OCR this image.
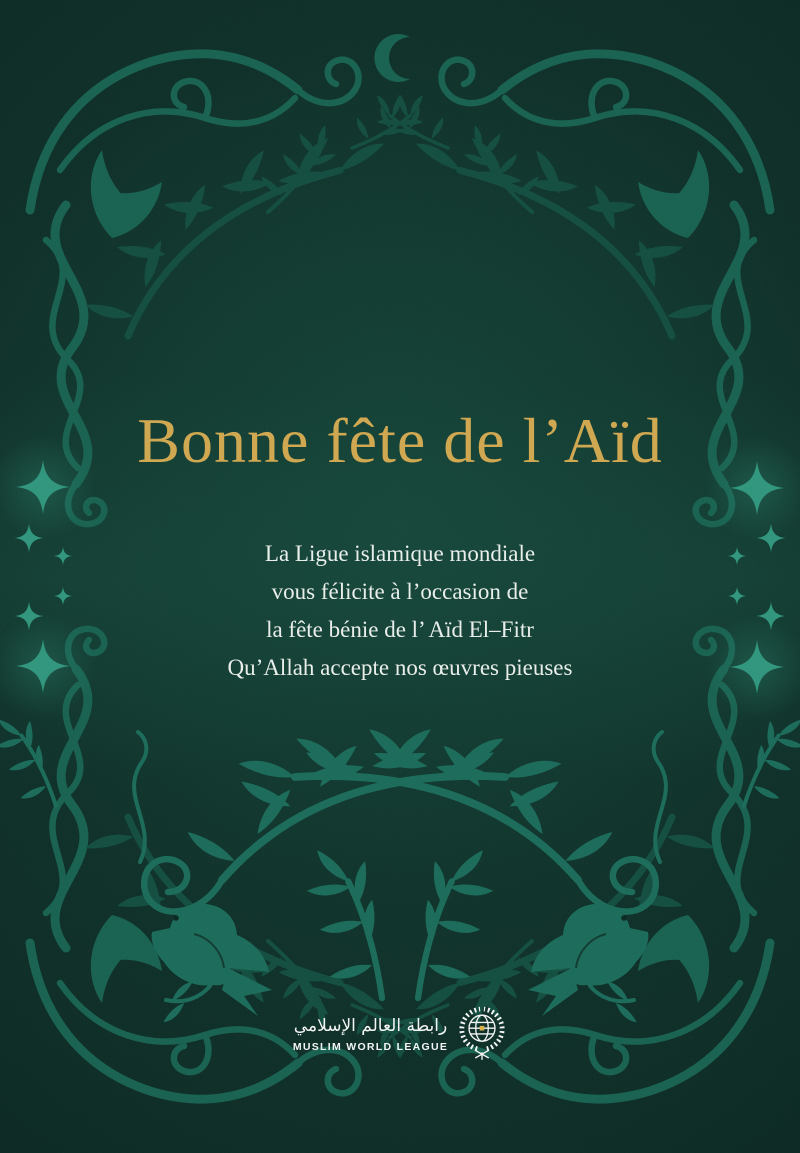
Bonne fête de l’Aïd

La Ligue islamique mondiale

vous félicite à l’occasion de

la fête bénie de l’ Aïd El–Fitr

Qu’Allah accepte nos œuvres pieuses

رابطة العالم الإسلامي
MUSLIM WORLD LEAGUE
